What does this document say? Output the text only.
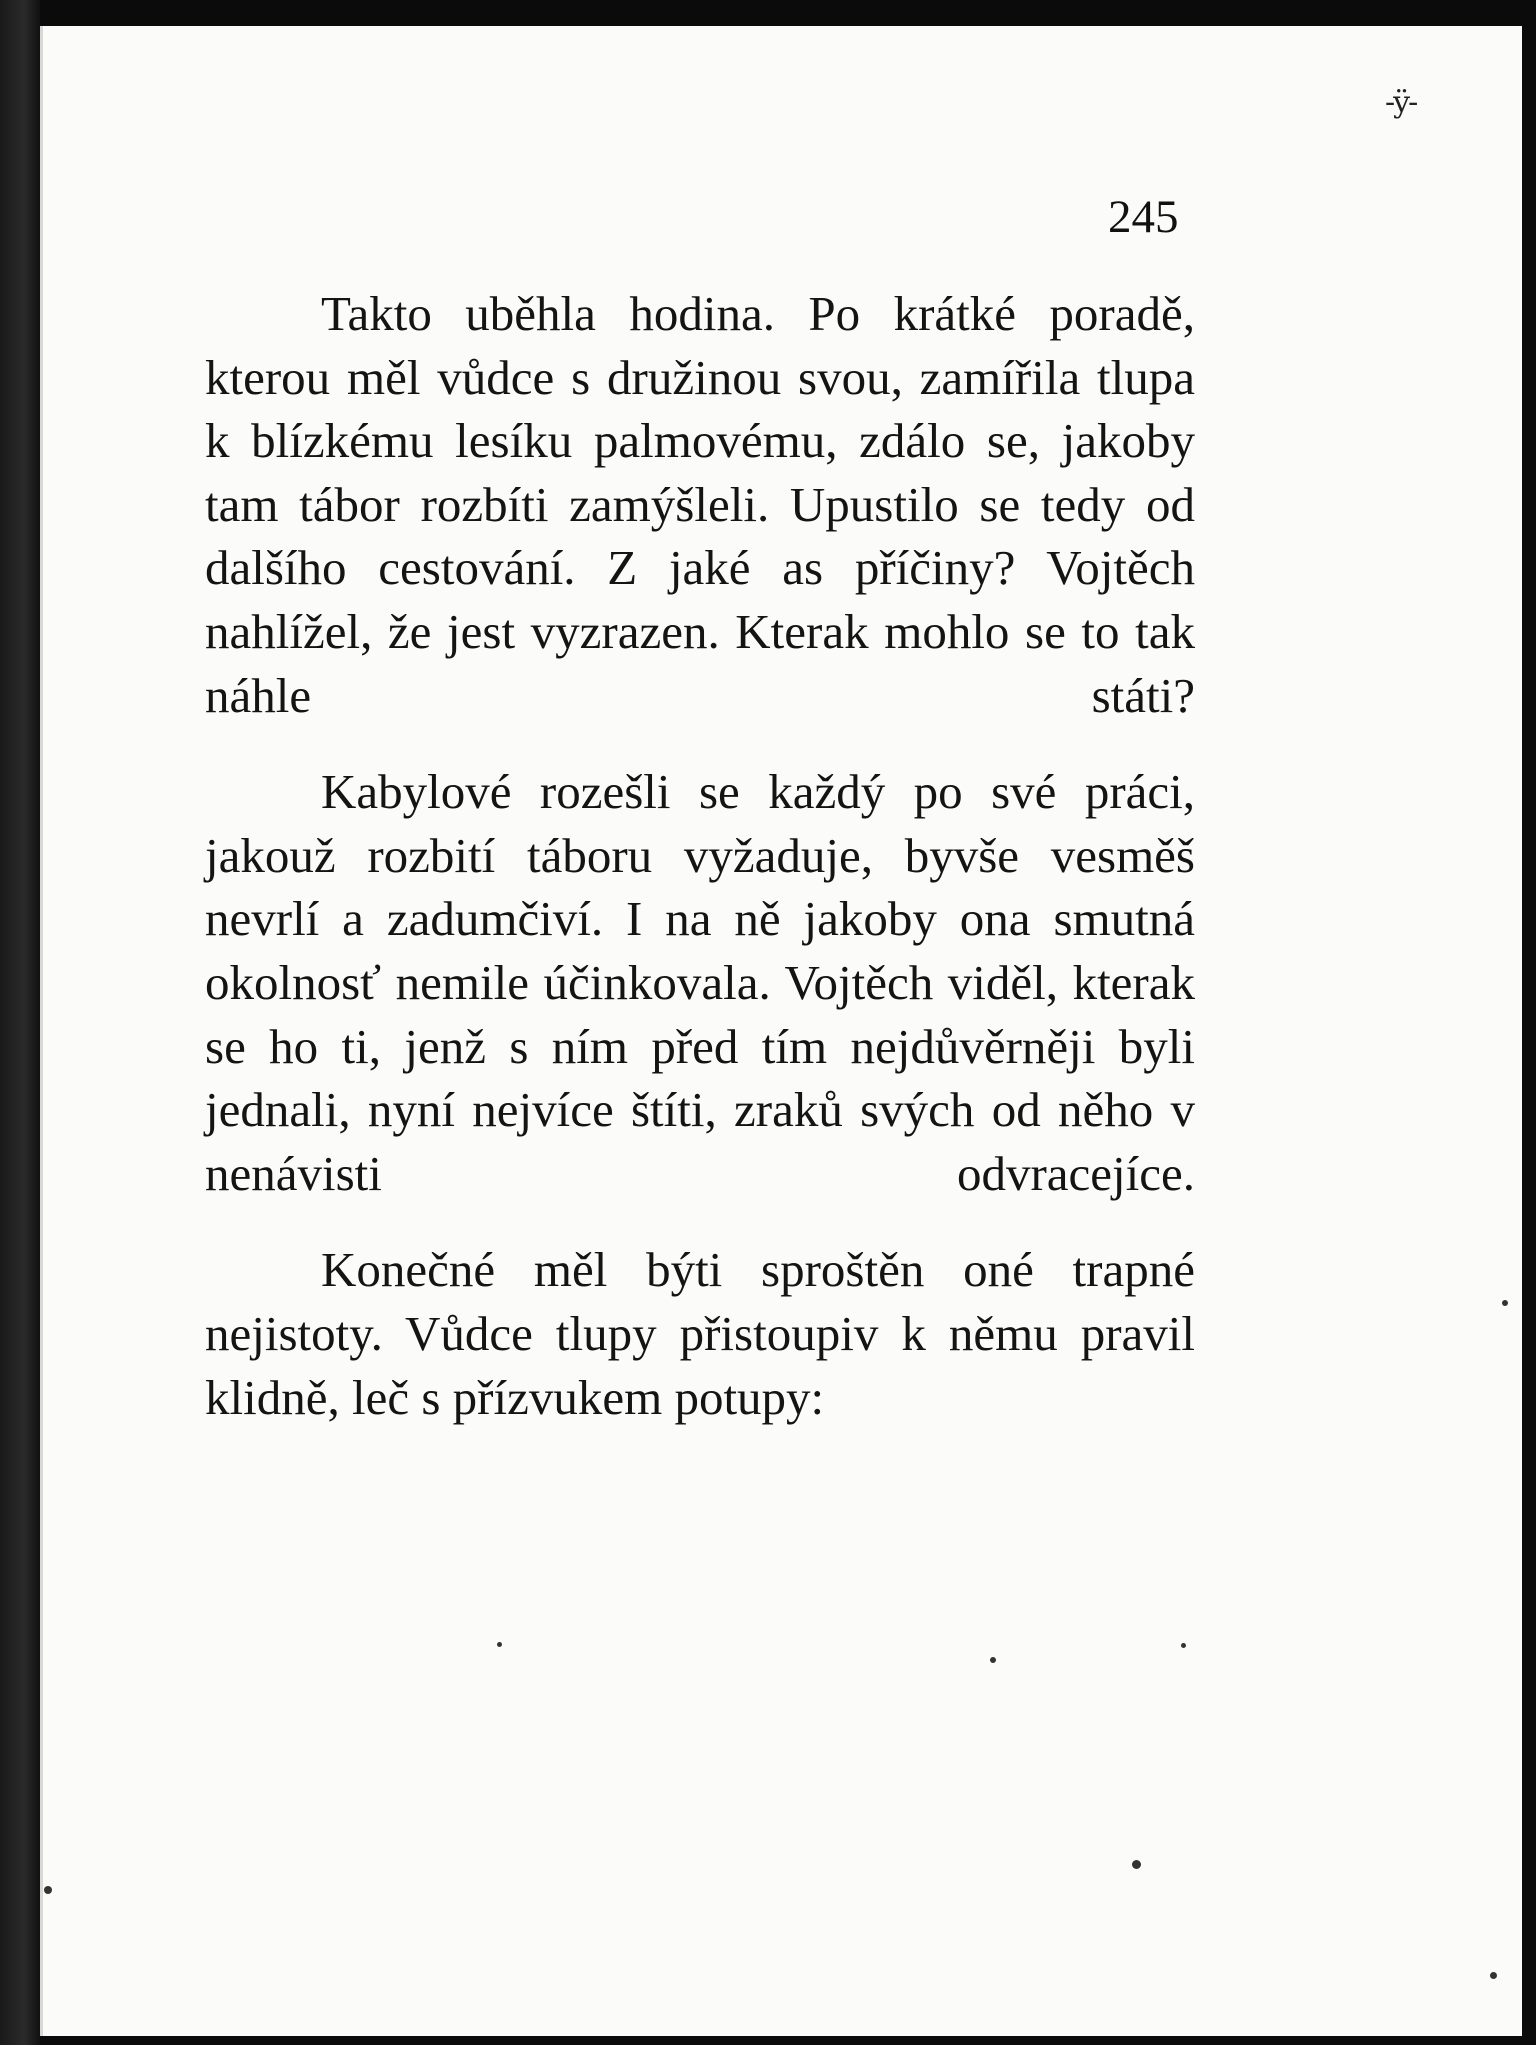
-ÿ-
245

Takto uběhla hodina. Po krátké poradě, kterou měl vůdce s družinou svou, zamířila tlupa k blízkému lesíku palmovému, zdálo se, jakoby tam tábor rozbíti zamýšleli. Upustilo se tedy od dalšího cestování. Z jaké as příčiny? Vojtěch nahlížel, že jest vyzrazen. Kterak mohlo se to tak náhle státi?

Kabylové rozešli se každý po své práci, jakouž rozbití táboru vyžaduje, byvše vesměš nevrlí a zadumčiví. I na ně jakoby ona smutná okolnosť nemile účinkovala. Vojtěch viděl, kterak se ho ti, jenž s ním před tím nejdůvěrněji byli jednali, nyní nejvíce štíti, zraků svých od něho v nenávisti odvracejíce.

Konečné měl býti sproštěn oné trapné nejistoty. Vůdce tlupy přistoupiv k němu pravil klidně, leč s přízvukem potupy:
